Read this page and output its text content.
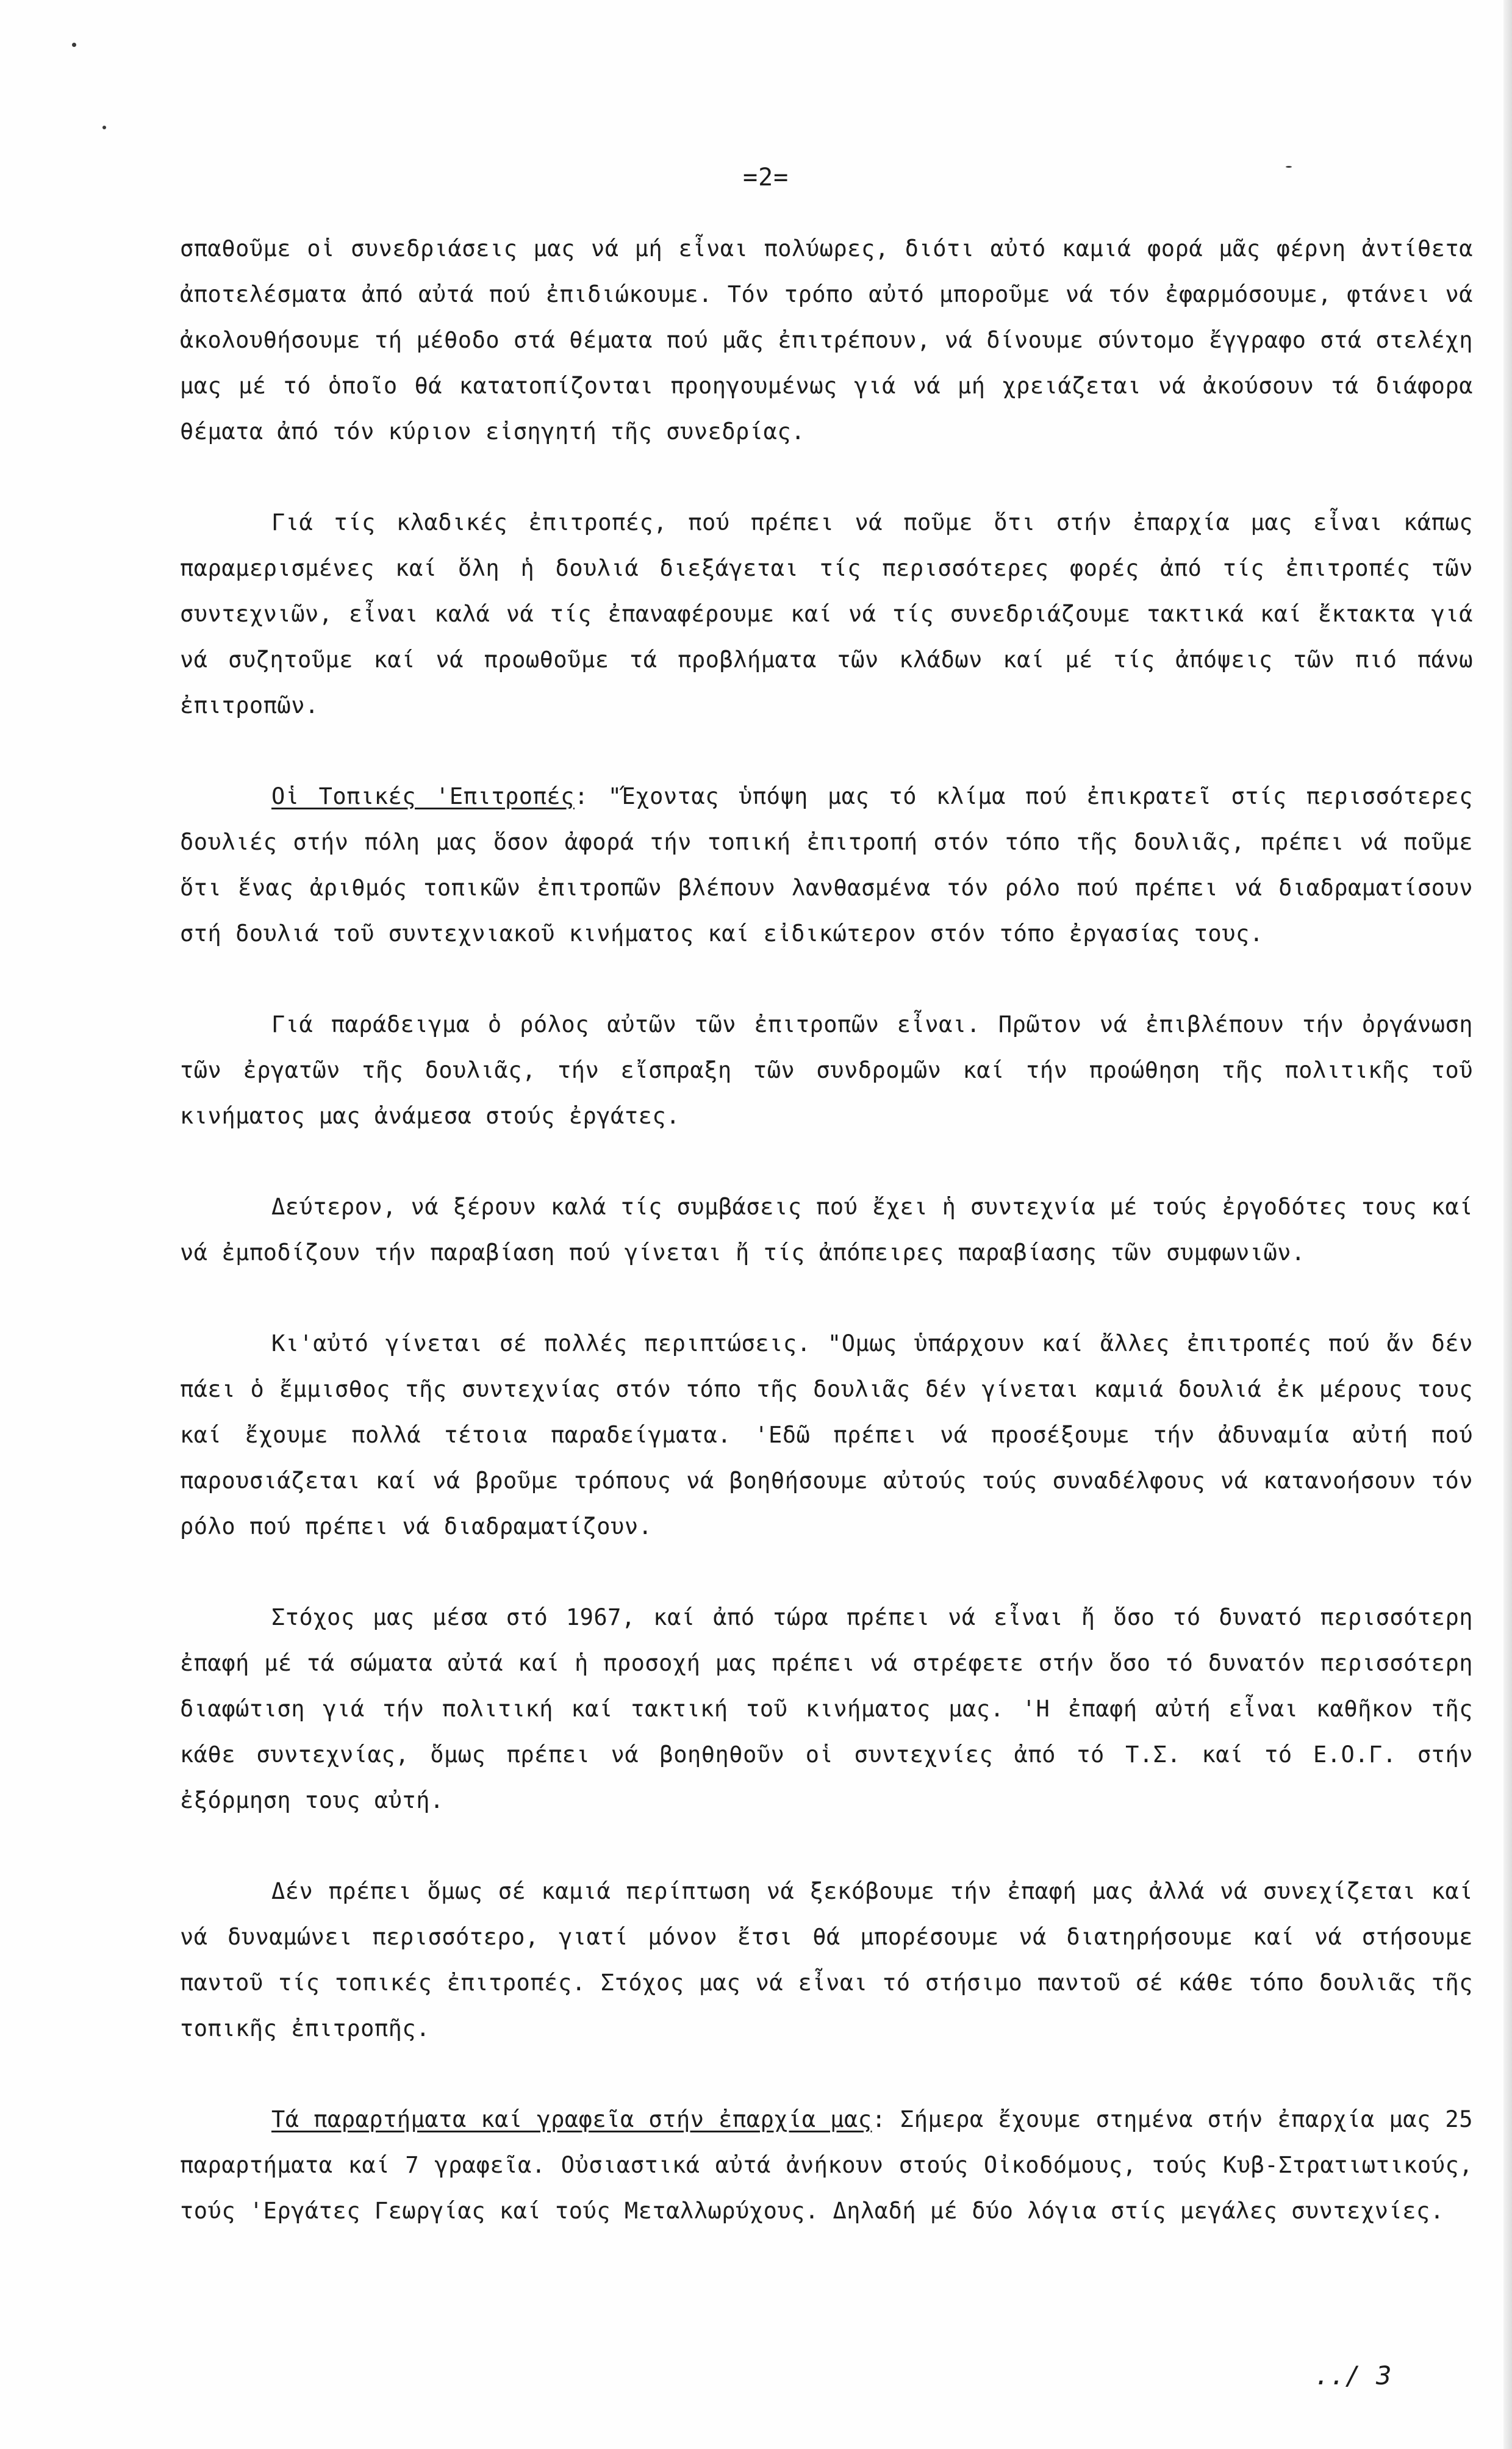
=2=

σπαθοῦμε οἱ συνεδριάσεις μας νά μή εἶναι πολύωρες, διότι αὐτό καμιά φορά μᾶς φέρνη ἀντίθετα ἀποτελέσματα ἀπό αὐτά πού ἐπιδιώκουμε. Τόν τρόπο αὐτό μποροῦμε νά τόν ἐφαρμόσουμε, φτάνει νά ἀκολουθήσουμε τή μέθοδο στά θέματα πού μᾶς ἐπιτρέπουν, νά δίνουμε σύντομο ἔγγραφο στά στελέχη μας μέ τό ὁποῖο θά κατατοπίζονται προηγουμένως γιά νά μή χρειάζεται νά ἀκούσουν τά διάφορα θέματα ἀπό τόν κύριον εἰσηγητή τῆς συνεδρίας.

Γιά τίς κλαδικές ἐπιτροπές, πού πρέπει νά ποῦμε ὅτι στήν ἐπαρχία μας εἶναι κάπως παραμερισμένες καί ὅλη ἡ δουλιά διεξάγεται τίς περισσότερες φορές ἀπό τίς ἐπιτροπές τῶν συντεχνιῶν, εἶναι καλά νά τίς ἐπαναφέρουμε καί νά τίς συνεδριάζουμε τακτικά καί ἔκτακτα γιά νά συζητοῦμε καί νά προωθοῦμε τά προβλήματα τῶν κλάδων καί μέ τίς ἀπόψεις τῶν πιό πάνω ἐπιτροπῶν.

Οἱ Τοπικές 'Επιτροπές: "Έχοντας ὑπόψη μας τό κλίμα πού ἐπικρατεῖ στίς περισσότερες δουλιές στήν πόλη μας ὅσον ἀφορά τήν τοπική ἐπιτροπή στόν τόπο τῆς δουλιᾶς, πρέπει νά ποῦμε ὅτι ἕνας ἀριθμός τοπικῶν ἐπιτροπῶν βλέπουν λανθασμένα τόν ρόλο πού πρέπει νά διαδραματίσουν στή δουλιά τοῦ συντεχνιακοῦ κινήματος καί εἰδικώτερον στόν τόπο ἐργασίας τους.

Γιά παράδειγμα ὁ ρόλος αὐτῶν τῶν ἐπιτροπῶν εἶναι. Πρῶτον νά ἐπιβλέπουν τήν ὀργάνωση τῶν ἐργατῶν τῆς δουλιᾶς, τήν εἴσπραξη τῶν συνδρομῶν καί τήν προώθηση τῆς πολιτικῆς τοῦ κινήματος μας ἀνάμεσα στούς ἐργάτες.

Δεύτερον, νά ξέρουν καλά τίς συμβάσεις πού ἔχει ἡ συντεχνία μέ τούς ἐργοδότες τους καί νά ἐμποδίζουν τήν παραβίαση πού γίνεται ἤ τίς ἀπόπειρες παραβίασης τῶν συμφωνιῶν.

Κι'αὐτό γίνεται σέ πολλές περιπτώσεις. "Ομως ὑπάρχουν καί ἄλλες ἐπιτροπές πού ἄν δέν πάει ὁ ἔμμισθος τῆς συντεχνίας στόν τόπο τῆς δουλιᾶς δέν γίνεται καμιά δουλιά ἐκ μέρους τους καί ἔχουμε πολλά τέτοια παραδείγματα. 'Εδῶ πρέπει νά προσέξουμε τήν ἀδυναμία αὐτή πού παρουσιάζεται καί νά βροῦμε τρόπους νά βοηθήσουμε αὐτούς τούς συναδέλφους νά κατανοήσουν τόν ρόλο πού πρέπει νά διαδραματίζουν.

Στόχος μας μέσα στό 1967, καί ἀπό τώρα πρέπει νά εἶναι ἤ ὅσο τό δυνατό περισσότερη ἐπαφή μέ τά σώματα αὐτά καί ἡ προσοχή μας πρέπει νά στρέφετε στήν ὅσο τό δυνατόν περισσότερη διαφώτιση γιά τήν πολιτική καί τακτική τοῦ κινήματος μας. 'Η ἐπαφή αὐτή εἶναι καθῆκον τῆς κάθε συντεχνίας, ὅμως πρέπει νά βοηθηθοῦν οἱ συντεχνίες ἀπό τό Τ.Σ. καί τό Ε.Ο.Γ. στήν ἐξόρμηση τους αὐτή.

Δέν πρέπει ὅμως σέ καμιά περίπτωση νά ξεκόβουμε τήν ἐπαφή μας ἀλλά νά συνεχίζεται καί νά δυναμώνει περισσότερο, γιατί μόνον ἔτσι θά μπορέσουμε νά διατηρήσουμε καί νά στήσουμε παντοῦ τίς τοπικές ἐπιτροπές. Στόχος μας νά εἶναι τό στήσιμο παντοῦ σέ κάθε τόπο δουλιᾶς τῆς τοπικῆς ἐπιτροπῆς.

Τά παραρτήματα καί γραφεῖα στήν ἐπαρχία μας: Σήμερα ἔχουμε στημένα στήν ἐπαρχία μας 25 παραρτήματα καί 7 γραφεῖα. Οὐσιαστικά αὐτά ἀνήκουν στούς Οἰκοδόμους, τούς Κυβ-Στρατιωτικούς, τούς 'Εργάτες Γεωργίας καί τούς Μεταλλωρύχους. Δηλαδή μέ δύο λόγια στίς μεγάλες συντεχνίες.

../ 3
